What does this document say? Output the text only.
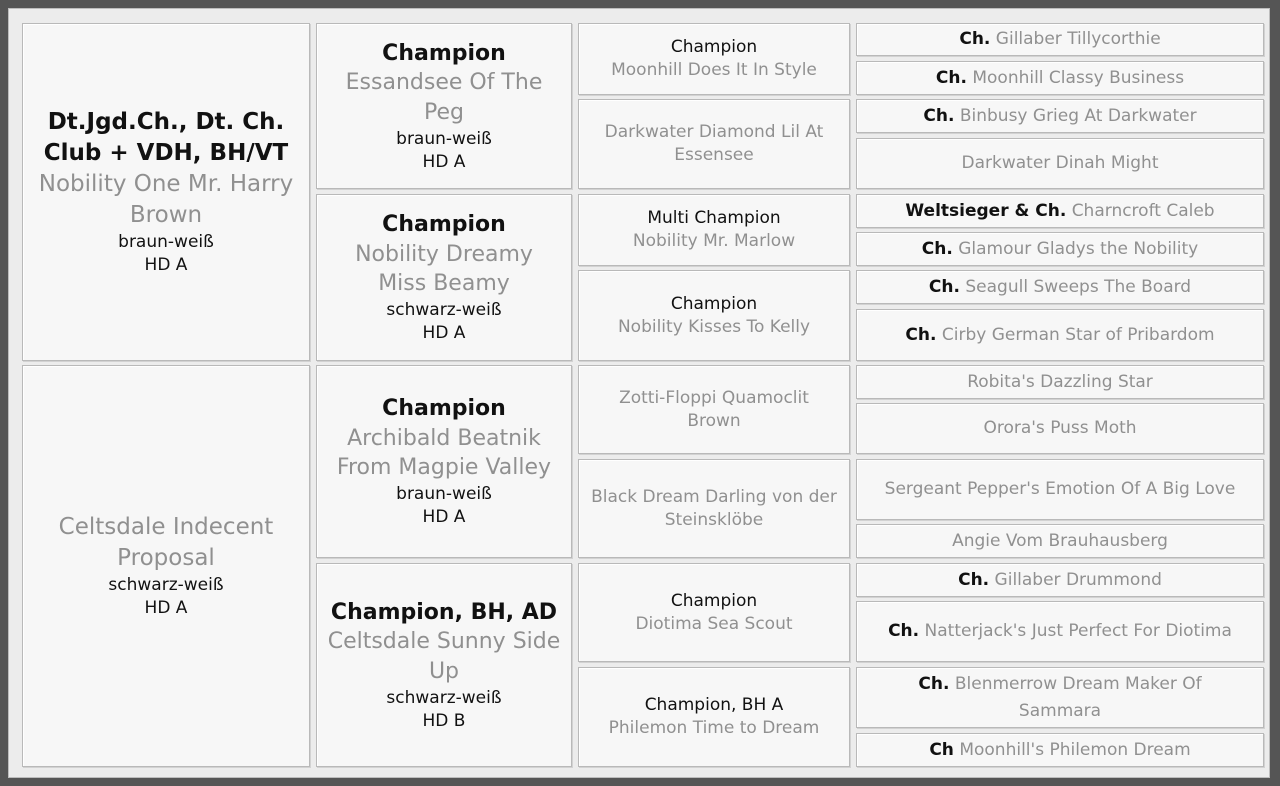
Dt.Jgd.Ch., Dt. Ch. Club + VDH, BH/VT
Nobility One Mr. Harry Brown
braun-weiß
HD A
Celtsdale Indecent Proposal
schwarz-weiß
HD A
Champion
Essandsee Of The Peg
braun-weiß
HD A
Champion
Nobility Dreamy Miss Beamy
schwarz-weiß
HD A
Champion
Archibald Beatnik From Magpie Valley
braun-weiß
HD A
Champion, BH, AD
Celtsdale Sunny Side Up
schwarz-weiß
HD B
Champion
Moonhill Does It In Style
Darkwater Diamond Lil At Essensee
Multi Champion
Nobility Mr. Marlow
Champion
Nobility Kisses To Kelly
Zotti-Floppi Quamoclit Brown
Black Dream Darling von der Steinsklöbe
Champion
Diotima Sea Scout
Champion, BH A
Philemon Time to Dream
Ch. Gillaber Tillycorthie
Ch. Moonhill Classy Business
Ch. Binbusy Grieg At Darkwater
Darkwater Dinah Might
Weltsieger & Ch. Charncroft Caleb
Ch. Glamour Gladys the Nobility
Ch. Seagull Sweeps The Board
Ch. Cirby German Star of Pribardom
Robita's Dazzling Star
Orora's Puss Moth
Sergeant Pepper's Emotion Of A Big Love
Angie Vom Brauhausberg
Ch. Gillaber Drummond
Ch. Natterjack's Just Perfect For Diotima
Ch. Blenmerrow Dream Maker Of Sammara
Ch Moonhill's Philemon Dream
